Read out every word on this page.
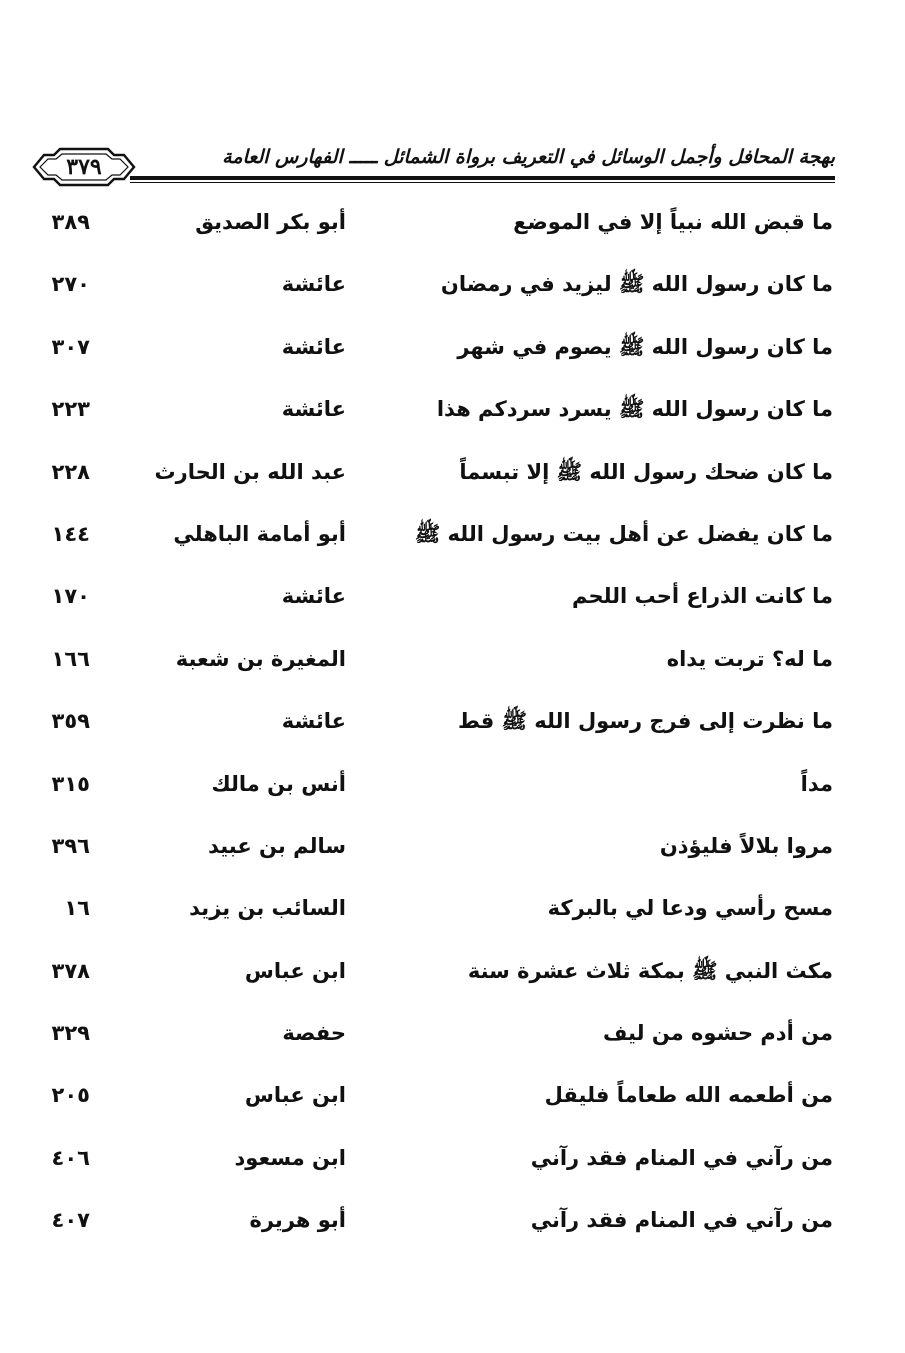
٣٧٩	بهجة المحافل وأجمل الوسائل في التعريف برواة الشمائل ـــــ الفهارس العامة
ما قبض الله نبياً إلا في الموضع
أبو بكر الصديق
٣٨٩
ما كان رسول الله ﷺ ليزيد في رمضان
عائشة
٢٧٠
ما كان رسول الله ﷺ يصوم في شهر
عائشة
٣٠٧
ما كان رسول الله ﷺ يسرد سردكم هذا
عائشة
٢٢٣
ما كان ضحك رسول الله ﷺ إلا تبسماً
عبد الله بن الحارث
٢٢٨
ما كان يفضل عن أهل بيت رسول الله ﷺ
أبو أمامة الباهلي
١٤٤
ما كانت الذراع أحب اللحم
عائشة
١٧٠
ما له؟ تربت يداه
المغيرة بن شعبة
١٦٦
ما نظرت إلى فرج رسول الله ﷺ قط
عائشة
٣٥٩
مداً
أنس بن مالك
٣١٥
مروا بلالاً فليؤذن
سالم بن عبيد
٣٩٦
مسح رأسي ودعا لي بالبركة
السائب بن يزيد
١٦
مكث النبي ﷺ بمكة ثلاث عشرة سنة
ابن عباس
٣٧٨
من أدم حشوه من ليف
حفصة
٣٢٩
من أطعمه الله طعاماً فليقل
ابن عباس
٢٠٥
من رآني في المنام فقد رآني
ابن مسعود
٤٠٦
من رآني في المنام فقد رآني
أبو هريرة
٤٠٧
